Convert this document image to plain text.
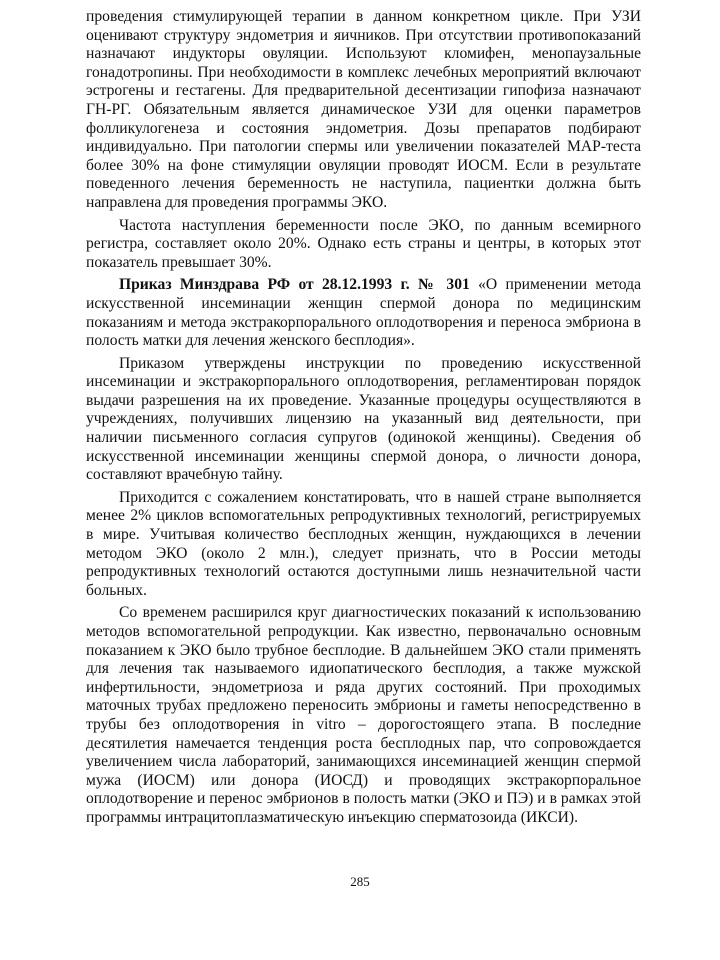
проведения стимулирующей терапии в данном конкретном цикле. При УЗИ оценивают структуру эндометрия и яичников. При отсутствии противопоказаний назначают индукторы овуляции. Используют кломифен, менопаузальные гонадотропины. При необходимости в комплекс лечебных мероприятий включают эстрогены и гестагены. Для предварительной десентизации гипофиза назначают ГН-РГ. Обязательным является динамическое УЗИ для оценки параметров фолликулогенеза и состояния эндометрия. Дозы препаратов подбирают индивидуально. При патологии спермы или увеличении показателей MAP-теста более 30% на фоне стимуляции овуляции проводят ИОСМ. Если в результате поведенного лечения беременность не наступила, пациентки должна быть направлена для проведения программы ЭКО.

Частота наступления беременности после ЭКО, по данным всемирного регистра, составляет около 20%. Однако есть страны и центры, в которых этот показатель превышает 30%.

Приказ Минздрава РФ от 28.12.1993 г. № 301 «О применении метода искусственной инсеминации женщин спермой донора по медицинским показаниям и метода экстракорпорального оплодотворения и переноса эмбриона в полость матки для лечения женского бесплодия».

Приказом утверждены инструкции по проведению искусственной инсеминации и экстракорпорального оплодотворения, регламентирован порядок выдачи разрешения на их проведение. Указанные процедуры осуществляются в учреждениях, получивших лицензию на указанный вид деятельности, при наличии письменного согласия супругов (одинокой женщины). Сведения об искусственной инсеминации женщины спермой донора, о личности донора, составляют врачебную тайну.

Приходится с сожалением констатировать, что в нашей стране выполняется менее 2% циклов вспомогательных репродуктивных технологий, регистрируемых в мире. Учитывая количество бесплодных женщин, нуждающихся в лечении методом ЭКО (около 2 млн.), следует признать, что в России методы репродуктивных технологий остаются доступными лишь незначительной части больных.

Со временем расширился круг диагностических показаний к использованию методов вспомогательной репродукции. Как известно, первоначально основным показанием к ЭКО было трубное бесплодие. В дальнейшем ЭКО стали применять для лечения так называемого идиопатического бесплодия, а также мужской инфертильности, эндометриоза и ряда других состояний. При проходимых маточных трубах предложено переносить эмбрионы и гаметы непосредственно в трубы без оплодотворения in vitro – дорогостоящего этапа. В последние десятилетия намечается тенденция роста бесплодных пар, что сопровождается увеличением числа лабораторий, занимающихся инсеминацией женщин спермой мужа (ИОСМ) или донора (ИОСД) и проводящих экстракорпоральное оплодотворение и перенос эмбрионов в полость матки (ЭКО и ПЭ) и в рамках этой программы интрацитоплазматическую инъекцию сперматозоида (ИКСИ).

285
